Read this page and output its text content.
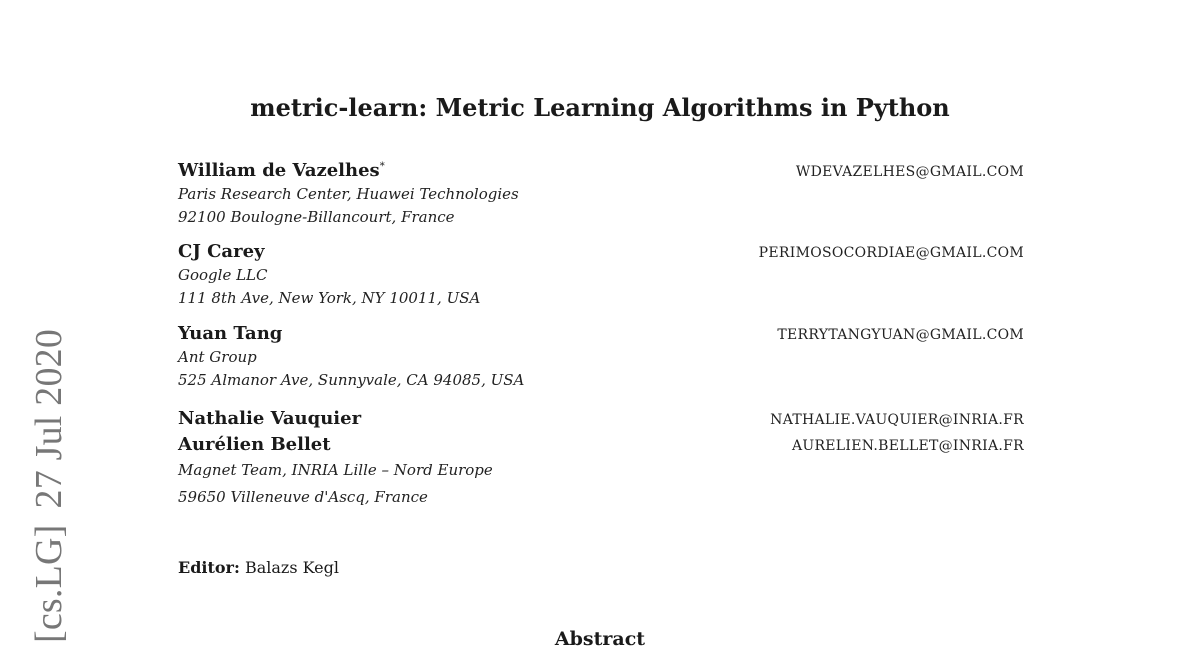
[cs.LG]27 Jul 2020
metric-learn: Metric Learning Algorithms in Python
William de Vazelhes*	WDEVAZELHES@GMAIL.COM
Paris Research Center, Huawei Technologies
92100 Boulogne-Billancourt, France
CJ Carey	PERIMOSOCORDIAE@GMAIL.COM
Google LLC
111 8th Ave, New York, NY 10011, USA
Yuan Tang	TERRYTANGYUAN@GMAIL.COM
Ant Group
525 Almanor Ave, Sunnyvale, CA 94085, USA
Nathalie Vauquier	NATHALIE.VAUQUIER@INRIA.FR
Aurélien Bellet	AURELIEN.BELLET@INRIA.FR
Magnet Team, INRIA Lille – Nord Europe
59650 Villeneuve d'Ascq, France
Editor: Balazs Kegl
Abstract
